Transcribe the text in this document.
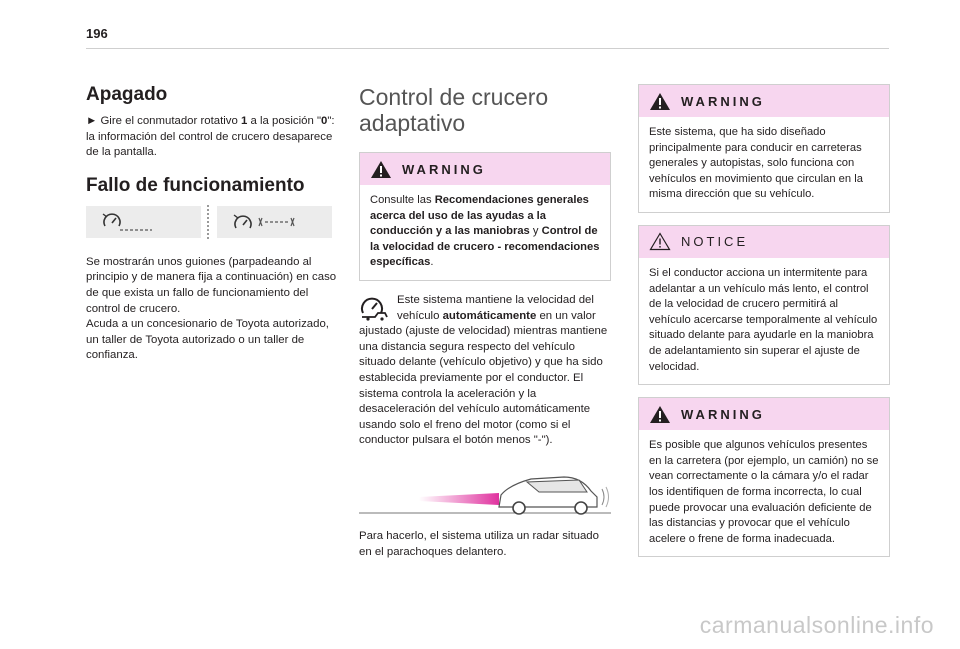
196
Apagado

► Gire el conmutador rotativo 1 a la posición "0": la información del control de crucero desaparece de la pantalla.

Fallo de funcionamiento

Se mostrarán unos guiones (parpadeando al principio y de manera fija a continuación) en caso de que exista un fallo de funcionamiento del control de crucero.

Acuda a un concesionario de Toyota autorizado, un taller de Toyota autorizado o un taller de confianza.

Control de crucero
adaptativo
WARNING

Consulte las Recomendaciones generales acerca del uso de las ayudas a la conducción y a las maniobras y Control de la velocidad de crucero - recomendaciones específicas.

Este sistema mantiene la velocidad del vehículo automáticamente en un valor

ajustado (ajuste de velocidad) mientras mantiene una distancia segura respecto del vehículo situado delante (vehículo objetivo) y que ha sido establecida previamente por el conductor. El sistema controla la aceleración y la desaceleración del vehículo automáticamente usando solo el freno del motor (como si el conductor pulsara el botón menos "-").

Para hacerlo, el sistema utiliza un radar situado en el parachoques delantero.

WARNING

Este sistema, que ha sido diseñado principalmente para conducir en carreteras generales y autopistas, solo funciona con vehículos en movimiento que circulan en la misma dirección que su vehículo.

NOTICE

Si el conductor acciona un intermitente para adelantar a un vehículo más lento, el control de la velocidad de crucero permitirá al vehículo acercarse temporalmente al vehículo situado delante para ayudarle en la maniobra de adelantamiento sin superar el ajuste de velocidad.

WARNING

Es posible que algunos vehículos presentes en la carretera (por ejemplo, un camión) no se vean correctamente o la cámara y/o el radar los identifiquen de forma incorrecta, lo cual puede provocar una evaluación deficiente de las distancias y provocar que el vehículo acelere o frene de forma inadecuada.

carmanualsonline.info
